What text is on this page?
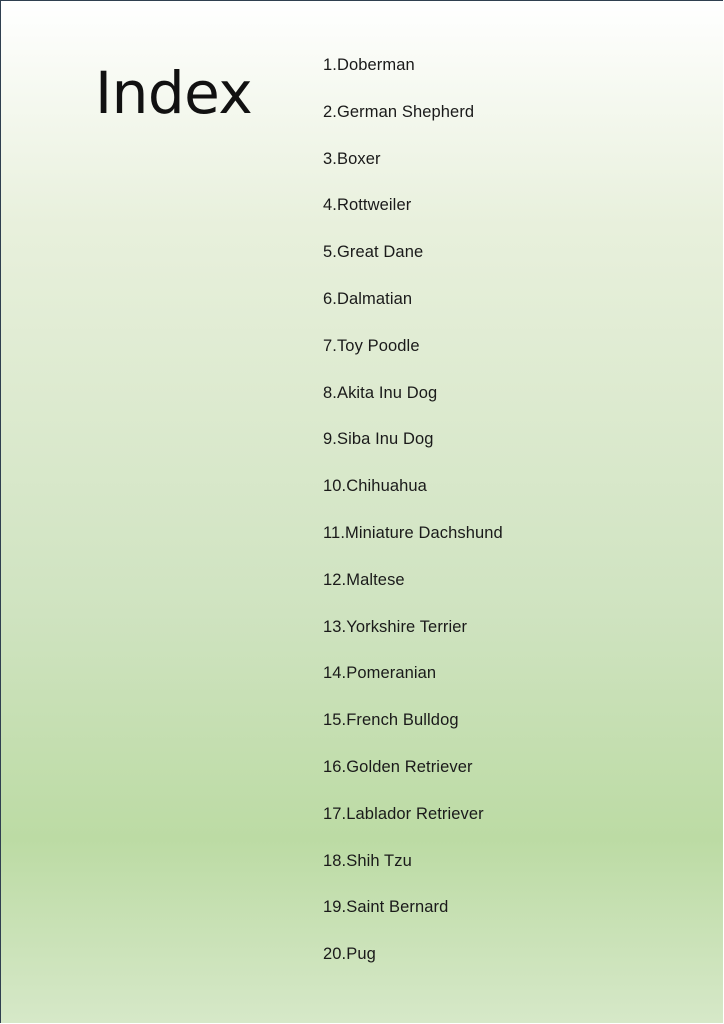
Index	1.Doberman
2.German Shepherd
3.Boxer
4.Rottweiler
5.Great Dane
6.Dalmatian
7.Toy Poodle
8.Akita Inu Dog
9.Siba Inu Dog
10.Chihuahua
11.Miniature Dachshund
12.Maltese
13.Yorkshire Terrier
14.Pomeranian
15.French Bulldog
16.Golden Retriever
17.Lablador Retriever
18.Shih Tzu
19.Saint Bernard
20.Pug
